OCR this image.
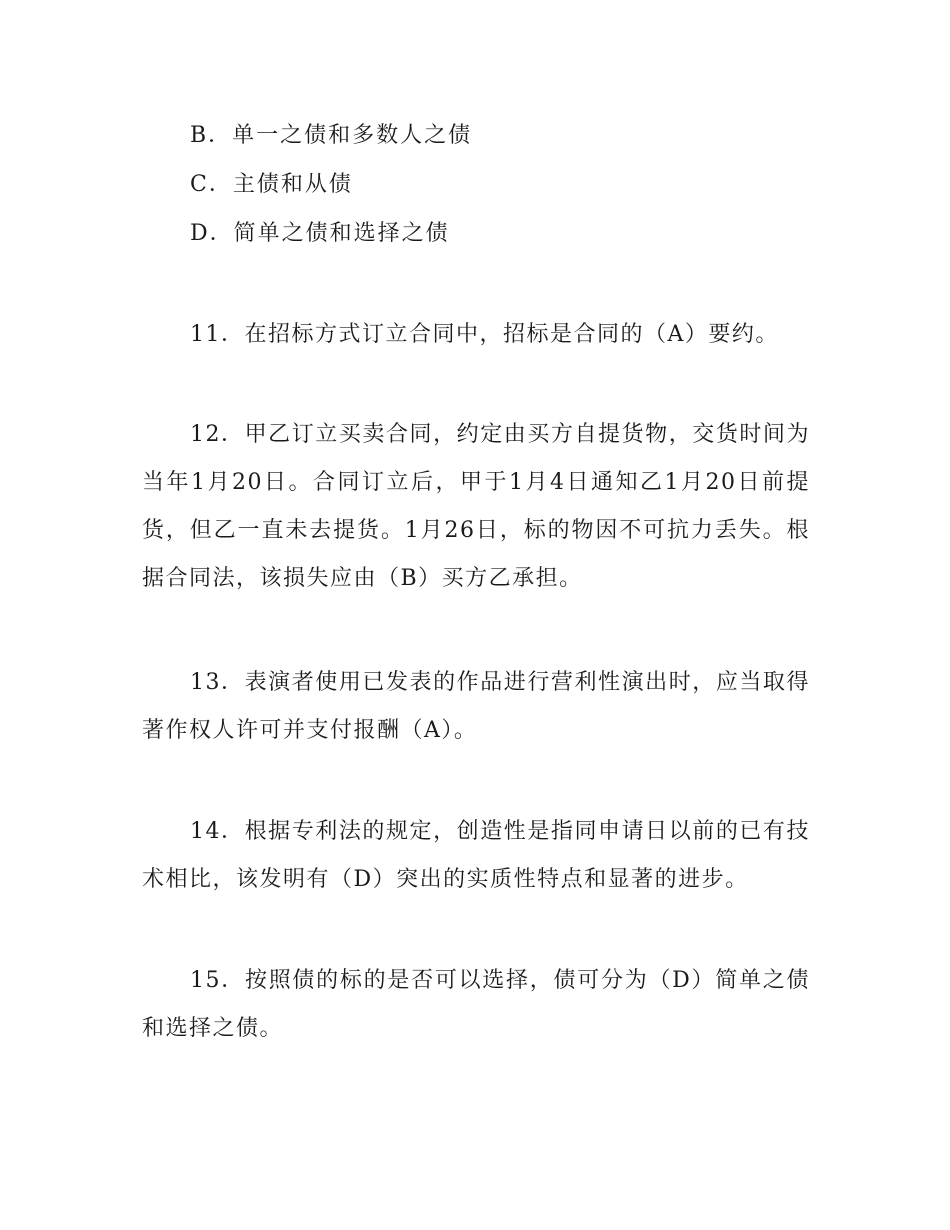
B．单一之债和多数人之债
C．主债和从债
D．简单之债和选择之债
11．在招标方式订立合同中，招标是合同的（A）要约。
12．甲乙订立买卖合同，约定由买方自提货物，交货时间为当年1月20日。合同订立后，甲于1月4日通知乙1月20日前提货，但乙一直未去提货。1月26日，标的物因不可抗力丢失。根据合同法，该损失应由（B）买方乙承担。
13．表演者使用已发表的作品进行营利性演出时，应当取得著作权人许可并支付报酬（A）。
14．根据专利法的规定，创造性是指同申请日以前的已有技术相比，该发明有（D）突出的实质性特点和显著的进步。
15．按照债的标的是否可以选择，债可分为（D）简单之债和选择之债。
